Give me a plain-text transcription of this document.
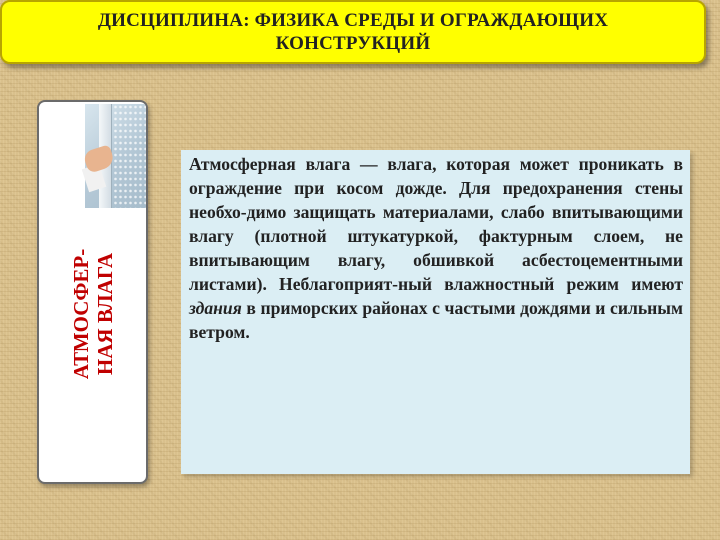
ДИСЦИПЛИНА: ФИЗИКА СРЕДЫ И ОГРАЖДАЮЩИХ КОНСТРУКЦИЙ
АТМОСФЕР- НАЯ ВЛАГА

Атмосферная влага — влага, которая может проникать в ограждение при косом дожде. Для предохранения стены необхо-димо защищать материалами, слабо впитывающими влагу (плотной штукатуркой, фактурным слоем, не впитывающим влагу, обшивкой асбестоцементными листами). Неблагоприят-ный влажностный режим имеют здания в приморских районах с частыми дождями и сильным ветром.
